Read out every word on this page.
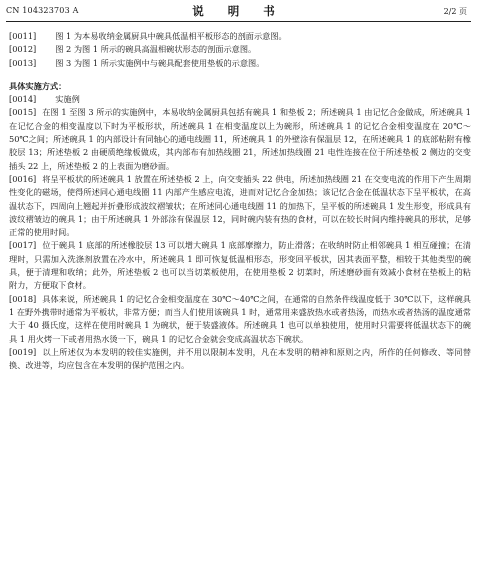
CN 104323703 A	说 明 书	2/2 页

[0011] 图 1 为本易收纳金属厨具中碗具低温相平板形态的剖面示意图。

[0012] 图 2 为图 1 所示的碗具高温相碗状形态的剖面示意图。

[0013] 图 3 为图 1 所示实施例中与碗具配套使用垫板的示意图。

具体实施方式：

[0014] 实施例

[0015] 在图 1 至图 3 所示的实施例中，本易收纳金属厨具包括有碗具 1 和垫板 2；所述碗具 1 由记忆合金做成，所述碗具 1 在记忆合金的相变温度以下时为平板形状，所述碗具 1 在相变温度以上为碗形，所述碗具 1 的记忆合金相变温度在 20℃～50℃之间；所述碗具 1 的内部设计有同轴心的通电线圈 11，所述碗具 1 的外壁涂有保温层 12，在所述碗具 1 的底部粘附有橡胶层 13；所述垫板 2 由硬质绝缘板做成，其内部布有加热线圈 21，所述加热线圈 21 电性连接在位于所述垫板 2 侧边的交变插头 22 上，所述垫板 2 的上表面为磨砂面。

[0016] 将呈平板状的所述碗具 1 放置在所述垫板 2 上，向交变插头 22 供电，所述加热线圈 21 在交变电流的作用下产生周期性变化的磁场，使得所述同心通电线圈 11 内部产生感应电流，进而对记忆合金加热；该记忆合金在低温状态下呈平板状，在高温状态下，四周向上翘起并折叠形成波纹褶皱状；在所述同心通电线圈 11 的加热下，呈平板的所述碗具 1 发生形变，形成具有波纹褶皱边的碗具 1；由于所述碗具 1 外部涂有保温层 12，同时碗内装有热的食材，可以在较长时间内维持碗具的形状，足够正常的使用时间。

[0017] 位于碗具 1 底部的所述橡胶层 13 可以增大碗具 1 底部摩擦力，防止滑落；在收纳时防止相邻碗具 1 相互碰撞；在清理时，只需加入洗涤剂放置在冷水中，所述碗具 1 即可恢复低温相形态，形变回平板状，因其表面平整，相较于其他类型的碗具，便于清理和收纳；此外，所述垫板 2 也可以当切菜板使用，在使用垫板 2 切菜时，所述磨砂面有效减小食材在垫板上的粘附力，方便取下食材。

[0018] 具体来说，所述碗具 1 的记忆合金相变温度在 30℃～40℃之间，在通常的自然条件线温度低于 30℃以下，这样碗具 1 在野外携带时通常为平板状，非常方便；而当人们使用该碗具 1 时，通常用来盛放热水或者热汤，而热水或者热汤的温度通常大于 40 摄氏度，这样在使用时碗具 1 为碗状，便于装盛液体。所述碗具 1 也可以单独使用，使用时只需要将低温状态下的碗具 1 用火烤一下或者用热水烫一下，碗具 1 的记忆合金就会变成高温状态下碗状。

[0019] 以上所述仅为本发明的较佳实施例，并不用以限制本发明，凡在本发明的精神和原则之内，所作的任何修改、等同替换、改进等，均应包含在本发明的保护范围之内。
